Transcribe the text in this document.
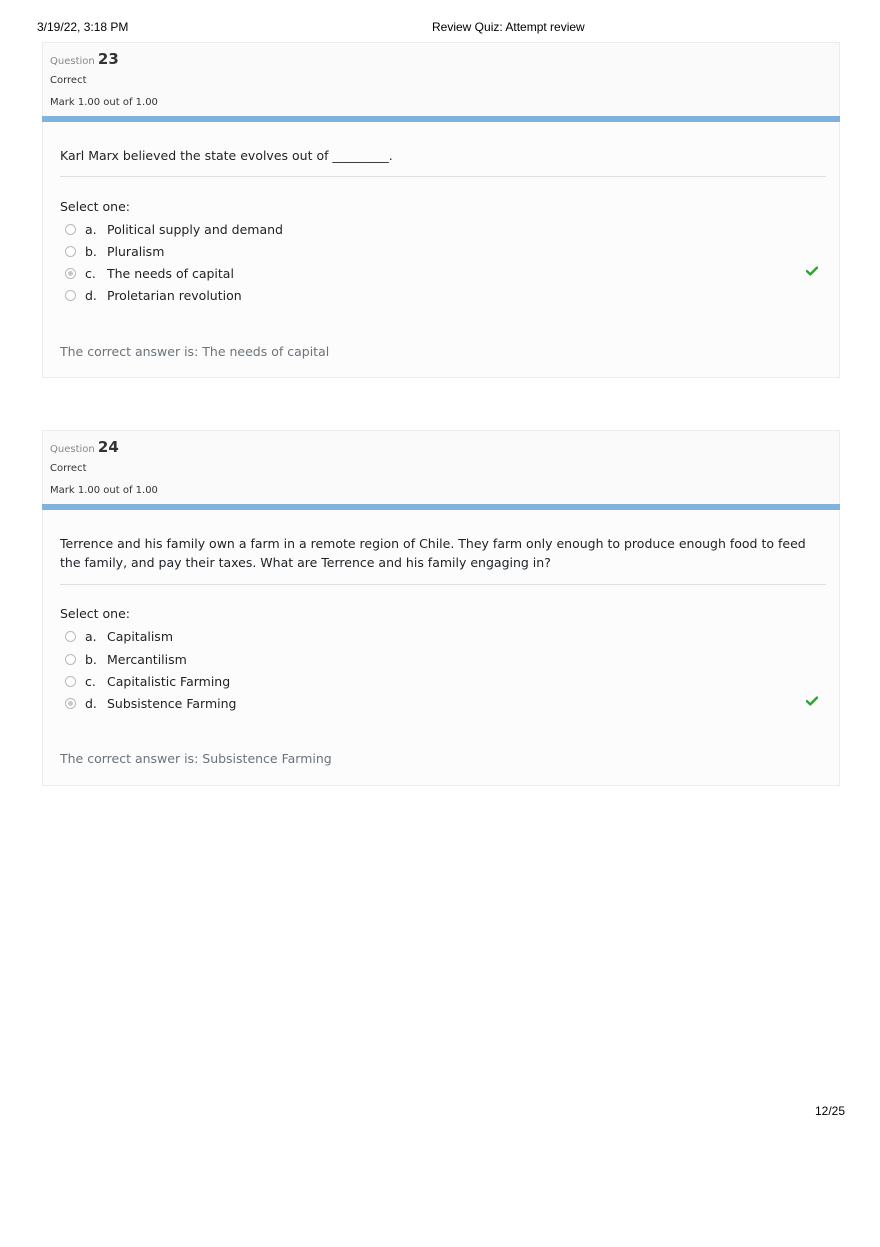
3/19/22, 3:18 PM	Review Quiz: Attempt review
Question 23
Correct
Mark 1.00 out of 1.00
Karl Marx believed the state evolves out of _________.
Select one:
a. Political supply and demand
b. Pluralism
c. The needs of capital
d. Proletarian revolution
The correct answer is: The needs of capital
Question 24
Correct
Mark 1.00 out of 1.00
Terrence and his family own a farm in a remote region of Chile. They farm only enough to produce enough food to feed the family, and pay their taxes. What are Terrence and his family engaging in?
Select one:
a. Capitalism
b. Mercantilism
c. Capitalistic Farming
d. Subsistence Farming
The correct answer is: Subsistence Farming
12/25
